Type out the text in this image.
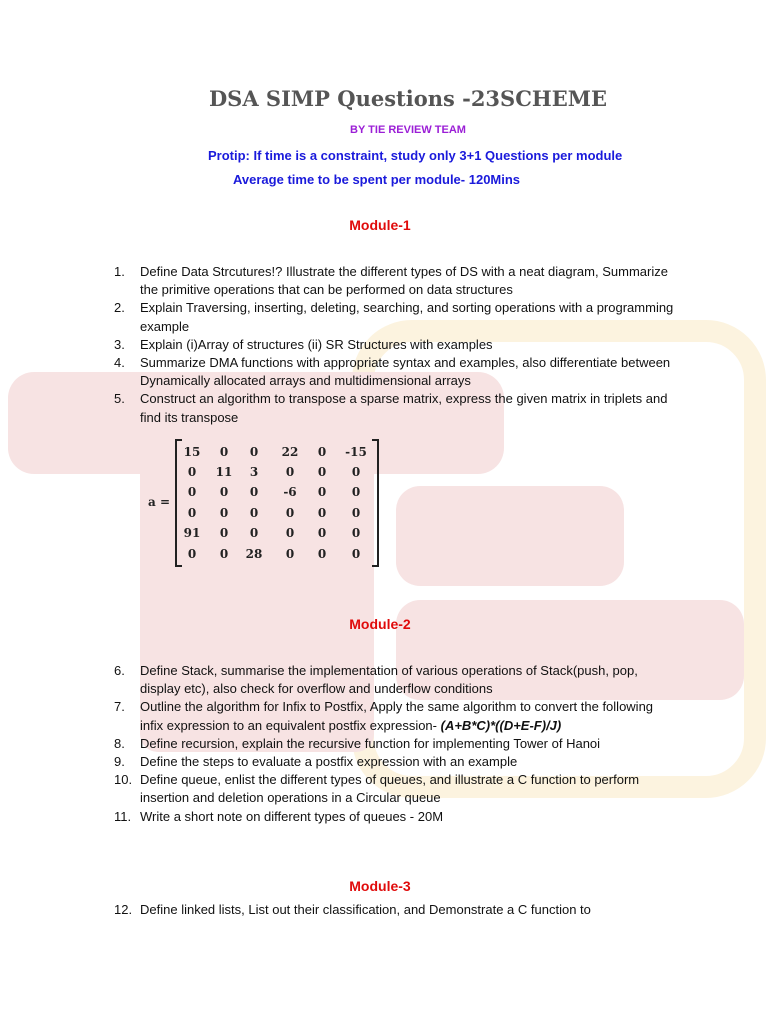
DSA SIMP Questions -23SCHEME
BY TIE REVIEW TEAM
Protip: If time is a constraint, study only 3+1 Questions per module
Average time to be spent per module- 120Mins
Module-1
1. Define Data Strcutures!? Illustrate the different types of DS with a neat diagram, Summarize the primitive operations that can be performed on data structures
2. Explain Traversing, inserting, deleting, searching, and sorting operations with a programming example
3. Explain (i)Array of structures (ii) SR Structures with examples
4. Summarize DMA functions with appropriate syntax and examples, also differentiate between Dynamically allocated arrays and multidimensional arrays
5. Construct an algorithm to transpose a sparse matrix, express the given matrix in triplets and find its transpose
a =
15 0 0 22 0 -15
0 11 3 0 0 0
0 0 0 -6 0 0
0 0 0 0 0 0
91 0 0 0 0 0
0 0 28 0 0 0
Module-2
6. Define Stack, summarise the implementation of various operations of Stack(push, pop, display etc), also check for overflow and underflow conditions
7. Outline the algorithm for Infix to Postfix, Apply the same algorithm to convert the following infix expression to an equivalent postfix expression- (A+B*C)*((D+E-F)/J)
8. Define recursion, explain the recursive function for implementing Tower of Hanoi
9. Define the steps to evaluate a postfix expression with an example
10. Define queue, enlist the different types of queues, and illustrate a C function to perform insertion and deletion operations in a Circular queue
11. Write a short note on different types of queues - 20M
Module-3
12. Define linked lists, List out their classification, and Demonstrate a C function to
